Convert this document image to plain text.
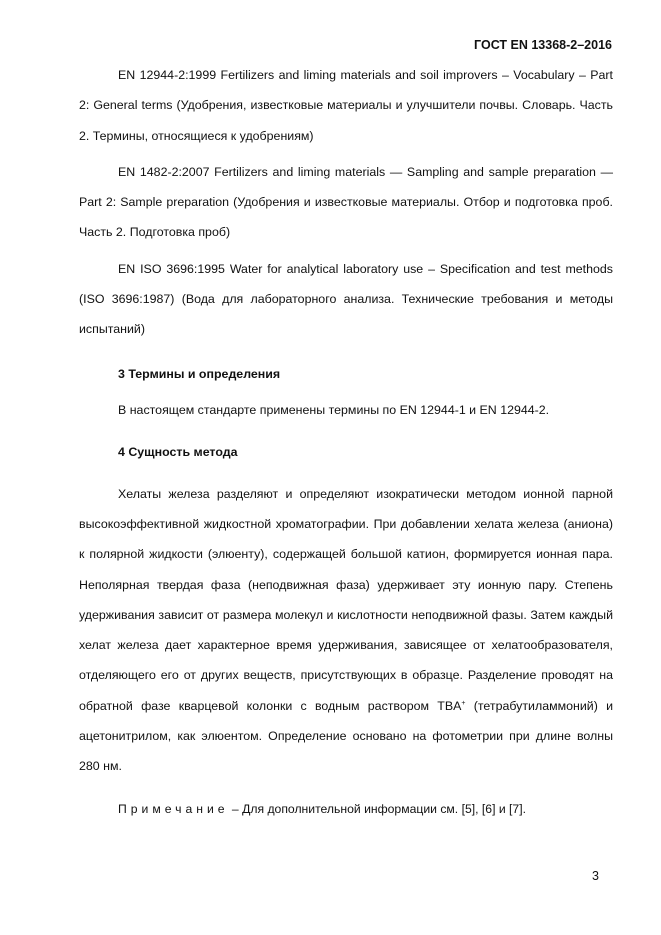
ГОСТ EN 13368-2–2016

EN 12944-2:1999 Fertilizers and liming materials and soil improvers – Vocabulary – Part 2: General terms (Удобрения, известковые материалы и улучшители почвы. Словарь. Часть 2. Термины, относящиеся к удобрениям)

EN 1482-2:2007 Fertilizers and liming materials — Sampling and sample preparation — Part 2: Sample preparation (Удобрения и известковые материалы. Отбор и подготовка проб. Часть 2. Подготовка проб)

EN ISO 3696:1995 Water for analytical laboratory use – Specification and test methods (ISO 3696:1987) (Вода для лабораторного анализа. Технические требования и методы испытаний)

3 Термины и определения

В настоящем стандарте применены термины по EN 12944-1 и EN 12944-2.

4 Сущность метода

Хелаты железа разделяют и определяют изократически методом ионной парной высокоэффективной жидкостной хроматографии. При добавлении хелата железа (аниона) к полярной жидкости (элюенту), содержащей большой катион, формируется ионная пара. Неполярная твердая фаза (неподвижная фаза) удерживает эту ионную пару. Степень удерживания зависит от размера молекул и кислотности неподвижной фазы. Затем каждый хелат железа дает характерное время удерживания, зависящее от хелатообразователя, отделяющего его от других веществ, присутствующих в образце. Разделение проводят на обратной фазе кварцевой колонки с водным раствором TBA+ (тетрабутиламмоний) и ацетонитрилом, как элюентом. Определение основано на фотометрии при длине волны 280 нм.

Примечание – Для дополнительной информации см. [5], [6] и [7].
3
